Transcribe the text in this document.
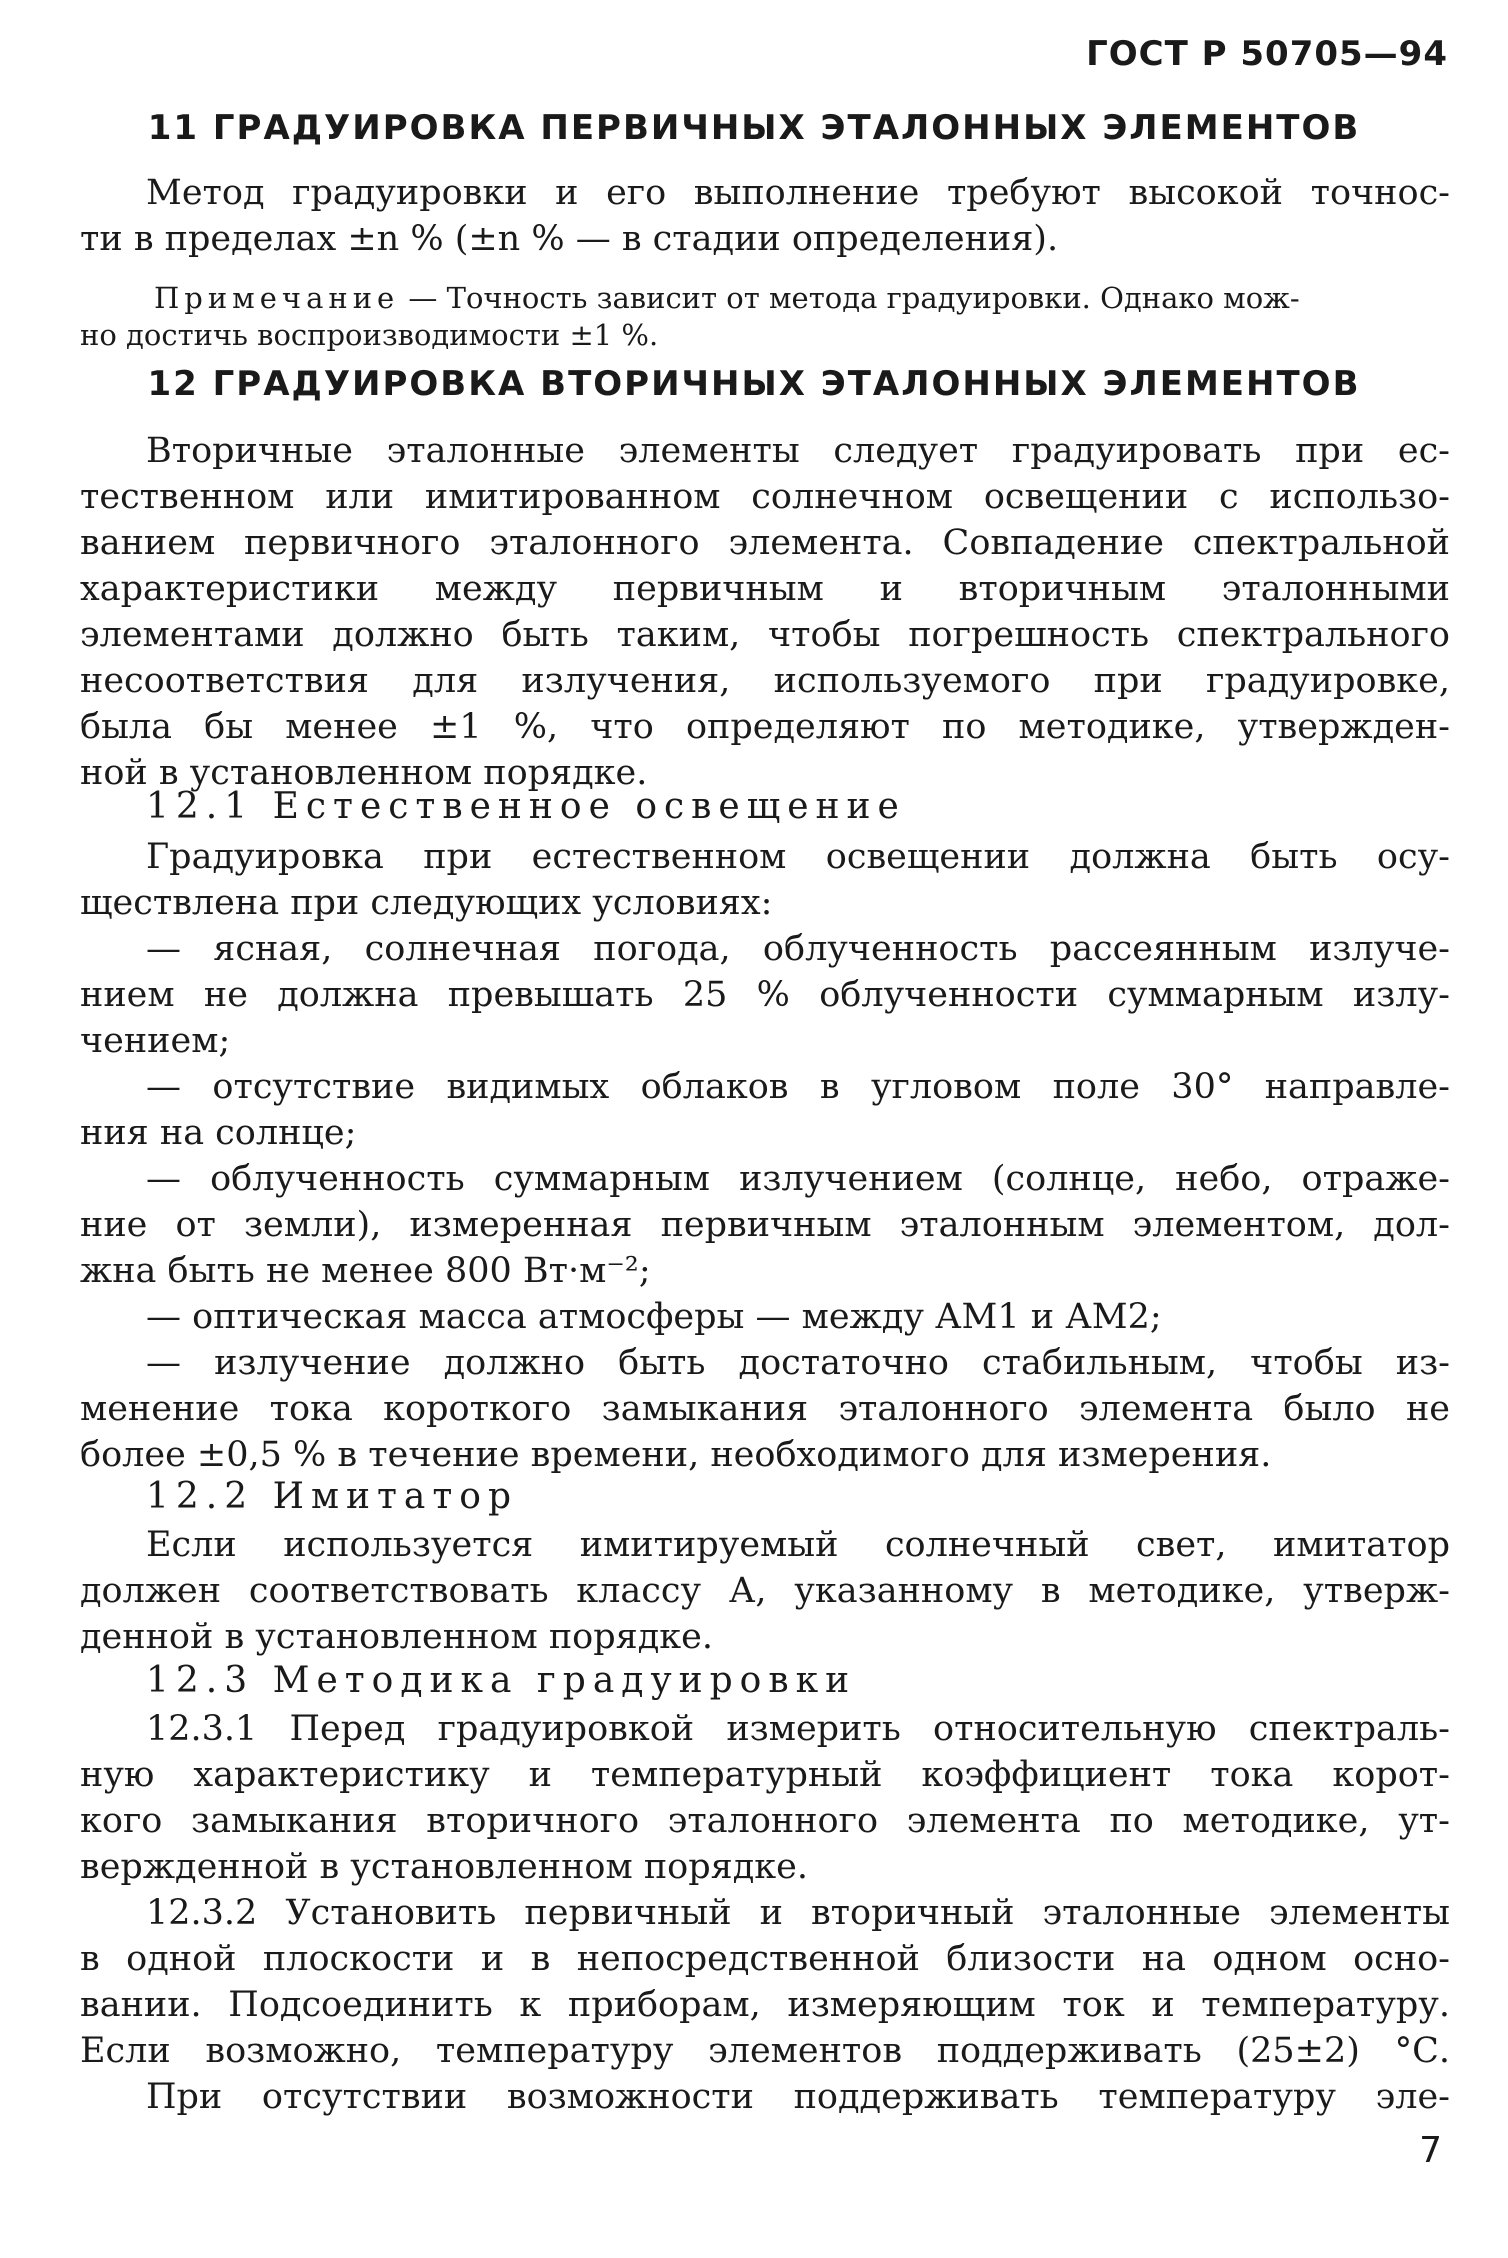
ГОСТ Р 50705—94
11 ГРАДУИРОВКА ПЕРВИЧНЫХ ЭТАЛОННЫХ ЭЛЕМЕНТОВ
Метод градуировки и его выполнение требуют высокой точнос-
ти в пределах ±n % (±n % — в стадии определения).
Примечание — Точность зависит от метода градуировки. Однако мож-
но достичь воспроизводимости ±1 %.
12 ГРАДУИРОВКА ВТОРИЧНЫХ ЭТАЛОННЫХ ЭЛЕМЕНТОВ
Вторичные эталонные элементы следует градуировать при ес-
тественном или имитированном солнечном освещении с использо-
ванием первичного эталонного элемента. Совпадение спектральной
характеристики между первичным и вторичным эталонными
элементами должно быть таким, чтобы погрешность спектрального
несоответствия для излучения, используемого при градуировке,
была бы менее ±1 %, что определяют по методике, утвержден-
ной в установленном порядке.
12.1 Естественное освещение
Градуировка при естественном освещении должна быть осу-
ществлена при следующих условиях:
— ясная, солнечная погода, облученность рассеянным излуче-
нием не должна превышать 25 % облученности суммарным излу-
чением;
— отсутствие видимых облаков в угловом поле 30° направле-
ния на солнце;
— облученность суммарным излучением (солнце, небо, отраже-
ние от земли), измеренная первичным эталонным элементом, дол-
жна быть не менее 800 Вт·м⁻²;
— оптическая масса атмосферы — между АМ1 и АМ2;
— излучение должно быть достаточно стабильным, чтобы из-
менение тока короткого замыкания эталонного элемента было не
более ±0,5 % в течение времени, необходимого для измерения.
12.2 Имитатор
Если используется имитируемый солнечный свет, имитатор
должен соответствовать классу А, указанному в методике, утверж-
денной в установленном порядке.
12.3 Методика градуировки
12.3.1 Перед градуировкой измерить относительную спектраль-
ную характеристику и температурный коэффициент тока корот-
кого замыкания вторичного эталонного элемента по методике, ут-
вержденной в установленном порядке.
12.3.2 Установить первичный и вторичный эталонные элементы
в одной плоскости и в непосредственной близости на одном осно-
вании. Подсоединить к приборам, измеряющим ток и температуру.
Если возможно, температуру элементов поддерживать (25±2) °С.
При отсутствии возможности поддерживать температуру эле-
7
